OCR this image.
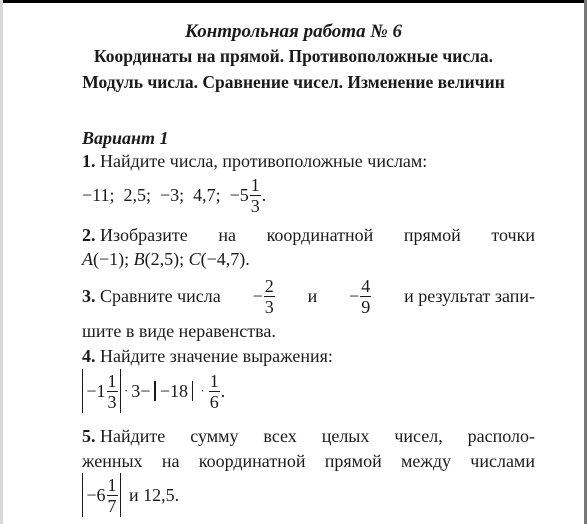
Контрольная работа № 6
Координаты на прямой. Противоположные числа.
Модуль числа. Сравнение чисел. Изменение величин
Вариант 1
1. Найдите числа, противоположные числам:
−11;  2,5;  −3;  4,7;  $-5 \frac{1}{3}$ .
2. Изобразите на координатной прямой точки
A(−1); B(2,5); C(−4,7).
3. Сравните числа − $\frac{2}{3}$ $и - \frac{4}{9}$ и результат запи-
шите в виде неравенства.
4. Найдите значение выражения:
$-1 \frac{1}{3} \cdot 3- -18 \cdot \frac{1}{6}$ .
5. Найдите сумму всех целых чисел, располо-
женных на координатной прямой между числами
$-6 \frac{1}{7}$ и 12,5.
